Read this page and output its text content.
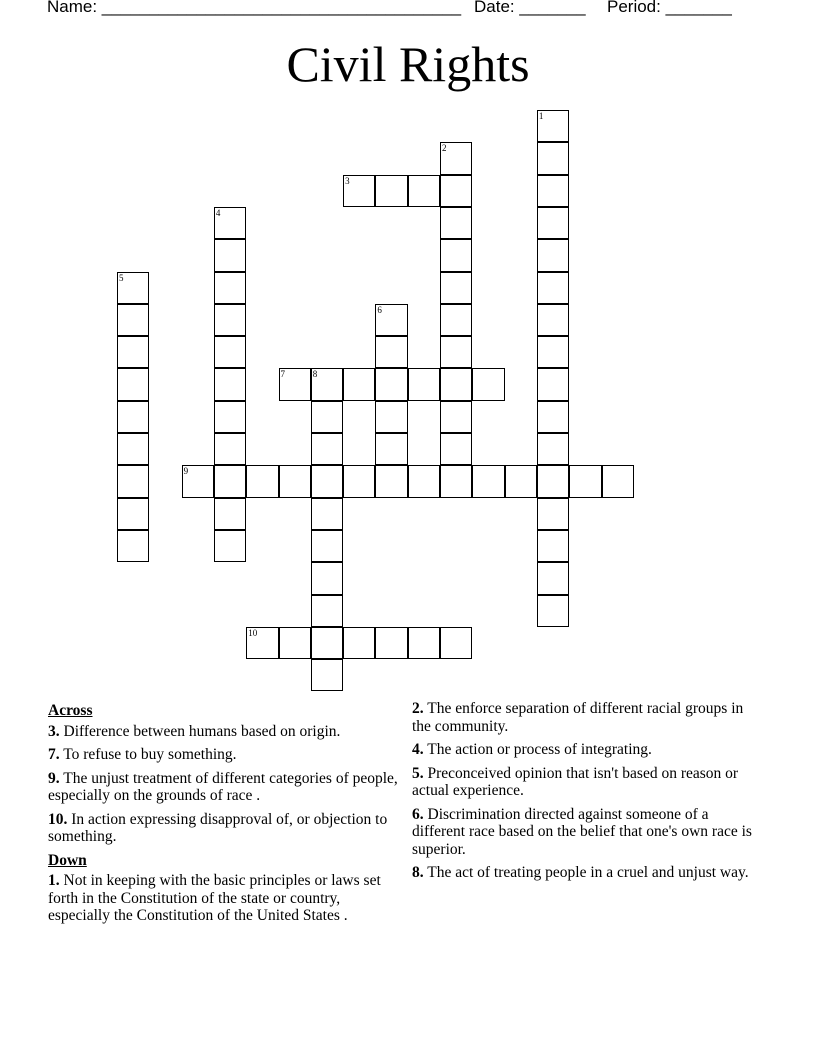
Name: ______________________________________ Date: _______ Period: _______
Civil Rights
1
2
3
4
5
6
7	8
9
10
Across
3. Difference between humans based on origin.
7. To refuse to buy something.
9. The unjust treatment of different categories of people, especially on the grounds of race .
10. In action expressing disapproval of, or objection to something.
Down
1. Not in keeping with the basic principles or laws set forth in the Constitution of the state or country, especially the Constitution of the United States .
2. The enforce separation of different racial groups in the community.
4. The action or process of integrating.
5. Preconceived opinion that isn't based on reason or actual experience.
6. Discrimination directed against someone of a different race based on the belief that one's own race is superior.
8. The act of treating people in a cruel and unjust way.
